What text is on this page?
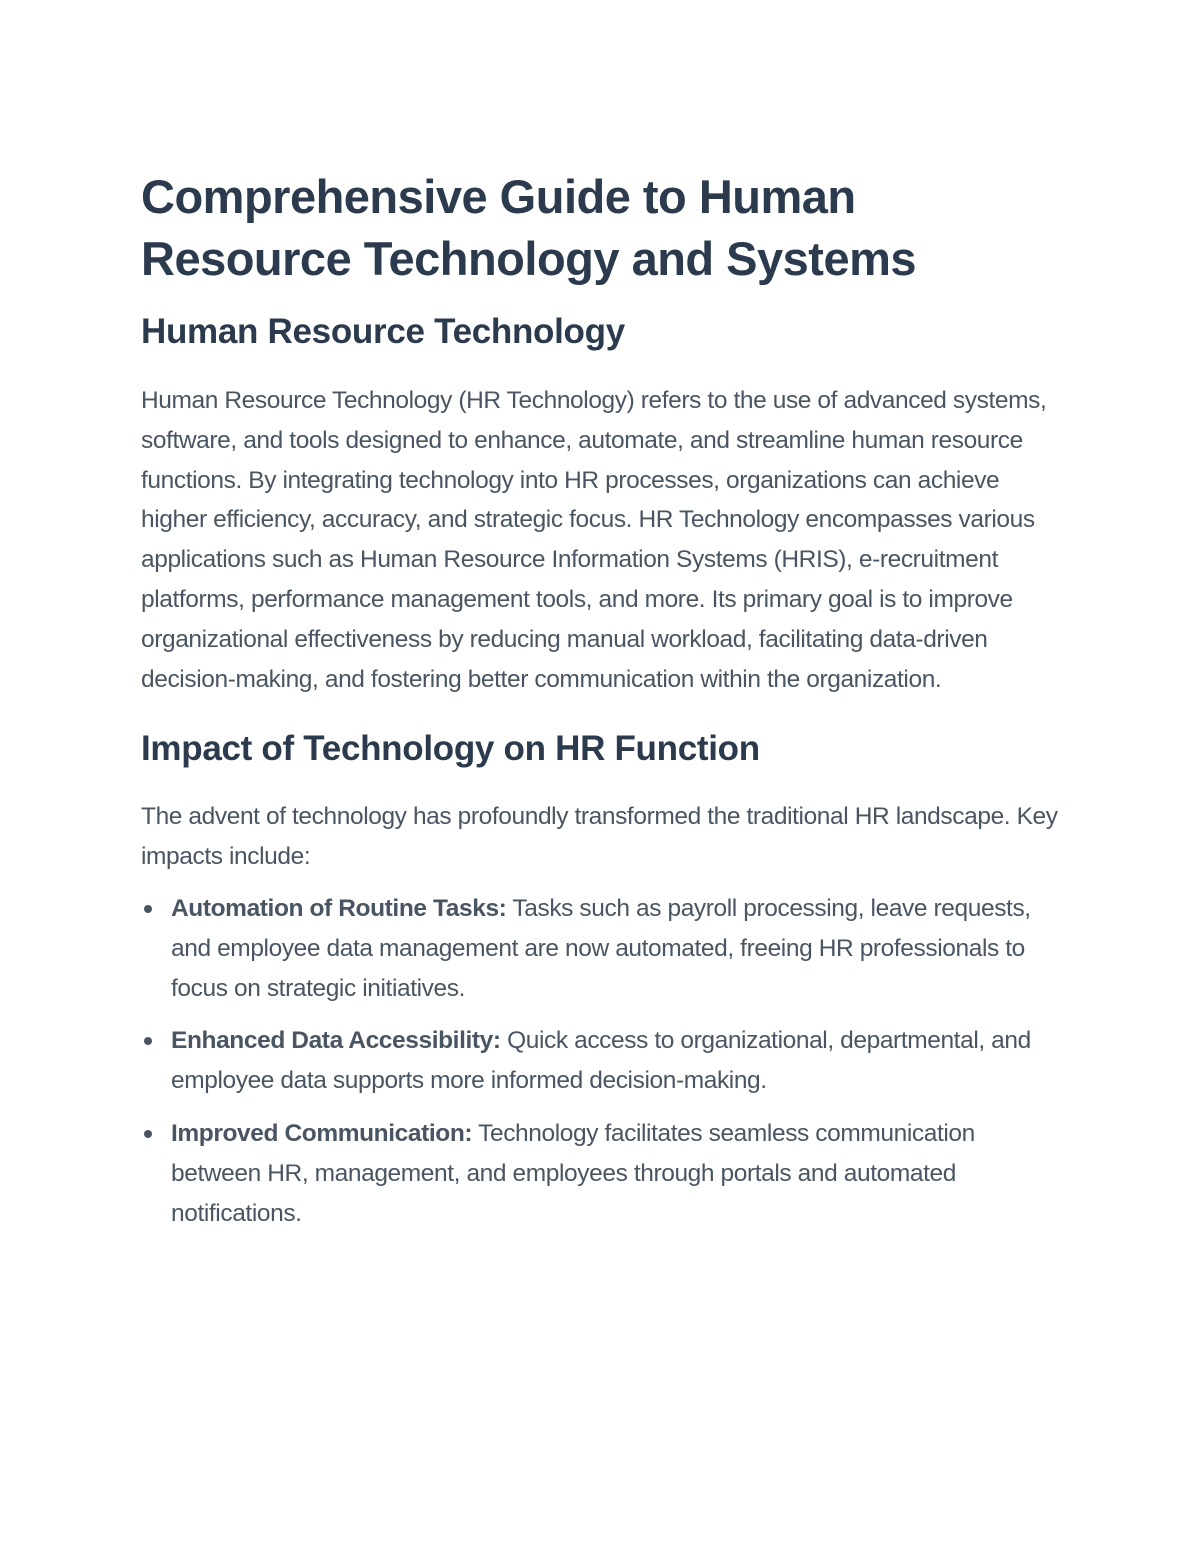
Comprehensive Guide to Human Resource Technology and Systems
Human Resource Technology

Human Resource Technology (HR Technology) refers to the use of advanced systems, software, and tools designed to enhance, automate, and streamline human resource functions. By integrating technology into HR processes, organizations can achieve higher efficiency, accuracy, and strategic focus. HR Technology encompasses various applications such as Human Resource Information Systems (HRIS), e-recruitment platforms, performance management tools, and more. Its primary goal is to improve organizational effectiveness by reducing manual workload, facilitating data-driven decision-making, and fostering better communication within the organization.

Impact of Technology on HR Function

The advent of technology has profoundly transformed the traditional HR landscape. Key impacts include:

Automation of Routine Tasks: Tasks such as payroll processing, leave requests, and employee data management are now automated, freeing HR professionals to focus on strategic initiatives.
Enhanced Data Accessibility: Quick access to organizational, departmental, and employee data supports more informed decision-making.
Improved Communication: Technology facilitates seamless communication between HR, management, and employees through portals and automated notifications.
